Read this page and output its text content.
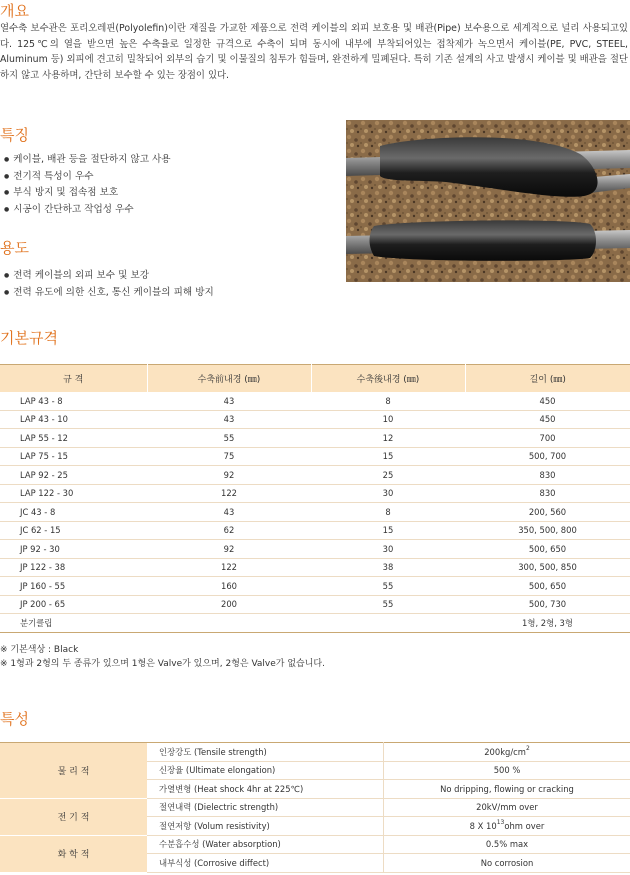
개요
열수축 보수관은 포리오레핀(Polyolefin)이란 재질을 가교한 제품으로 전력 케이블의 외피 보호용 및 배관(Pipe) 보수용으로 세계적으로 널리 사용되고있다. 125℃의 열을 받으면 높은 수축율로 일정한 규격으로 수축이 되며 동시에 내부에 부착되어있는 접착제가 녹으면서 케이블(PE, PVC, STEEL, Aluminum 등) 외피에 견고히 밀착되어 외부의 습기 및 이물질의 침투가 힘들며, 완전하게 밀폐된다. 특히 기존 설계의 사고 발생시 케이블 및 배관을 절단하지 않고 사용하며, 간단히 보수할 수 있는 장점이 있다.
특징
● 케이블, 배관 등을 절단하지 않고 사용
● 전기적 특성이 우수
● 부식 방지 및 접속점 보호
● 시공이 간단하고 작업성 우수
용도
● 전력 케이블의 외피 보수 및 보강
● 전력 유도에 의한 신호, 통신 케이블의 피해 방지
기본규격
규 격	수축前내경 (㎜)	수축後내경 (㎜)	길이 (㎜)
LAP 43 - 8	43	8	450
LAP 43 - 10	43	10	450
LAP 55 - 12	55	12	700
LAP 75 - 15	75	15	500, 700
LAP 92 - 25	92	25	830
LAP 122 - 30	122	30	830
JC 43 - 8	43	8	200, 560
JC 62 - 15	62	15	350, 500, 800
JP 92 - 30	92	30	500, 650
JP 122 - 38	122	38	300, 500, 850
JP 160 - 55	160	55	500, 650
JP 200 - 65	200	55	500, 730
분기클립			1형, 2형, 3형
※ 기본색상 : Black
※ 1형과 2형의 두 종류가 있으며 1형은 Valve가 있으며, 2형은 Valve가 없습니다.
특성
물 리 적	인장강도 (Tensile strength)	$200kg/cm^2$
	신장율 (Ultimate elongation)	500 %
	가열변형 (Heat shock 4hr at 225℃)	No dripping, flowing or cracking
전 기 적	절연내력 (Dielectric strength)	20kV/mm over
	절연저항 (Volum resistivity)	8 X $10^{13}ohm$ over
화 학 적	수분흡수성 (Water absorption)	0.5% max
	내부식성 (Corrosive diffect)	No corrosion
